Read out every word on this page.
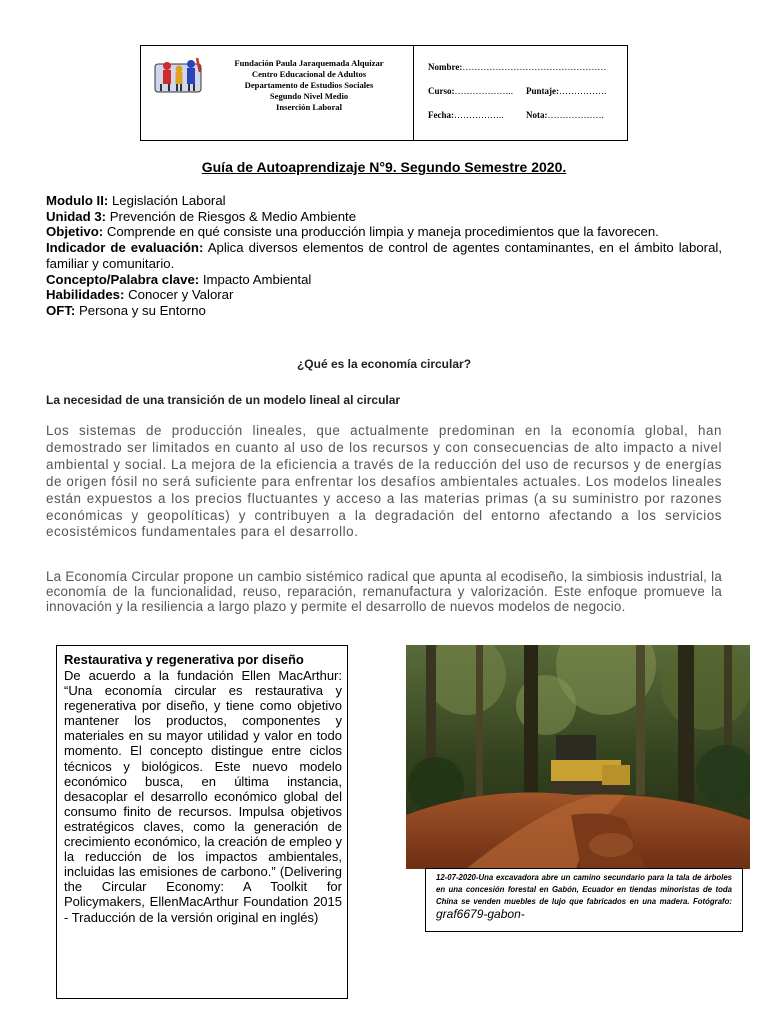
Fundación Paula Jaraquemada Alquízar
Centro Educacional de Adultos
Departamento de Estudios Sociales
Segundo Nivel Medio
Inserción Laboral
Nombre:…………………………………………
Curso:……………….. Puntaje:…………….
Fecha:……………..	Nota:……………….
Guía de Autoaprendizaje N°9. Segundo Semestre 2020.

Modulo II: Legislación Laboral

Unidad 3: Prevención de Riesgos & Medio Ambiente

Objetivo: Comprende en qué consiste una producción limpia y maneja procedimientos que la favorecen.

Indicador de evaluación: Aplica diversos elementos de control de agentes contaminantes, en el ámbito laboral, familiar y comunitario.

Concepto/Palabra clave: Impacto Ambiental

Habilidades: Conocer y Valorar

OFT: Persona y su Entorno

¿Qué es la economía circular?
La necesidad de una transición de un modelo lineal al circular
Los sistemas de producción lineales, que actualmente predominan en la economía global, han demostrado ser limitados en cuanto al uso de los recursos y con consecuencias de alto impacto a nivel ambiental y social. La mejora de la eficiencia a través de la reducción del uso de recursos y de energías de origen fósil no será suficiente para enfrentar los desafíos ambientales actuales. Los modelos lineales están expuestos a los precios fluctuantes y acceso a las materias primas (a su suministro por razones económicas y geopolíticas) y contribuyen a la degradación del entorno afectando a los servicios ecosistémicos fundamentales para el desarrollo.
La Economía Circular propone un cambio sistémico radical que apunta al ecodiseño, la simbiosis industrial, la economía de la funcionalidad, reuso, reparación, remanufactura y valorización. Este enfoque promueve la innovación y la resiliencia a largo plazo y permite el desarrollo de nuevos modelos de negocio.
Restaurativa y regenerativa por diseño
De acuerdo a la fundación Ellen MacArthur: “Una economía circular es restaurativa y regenerativa por diseño, y tiene como objetivo mantener los productos, componentes y materiales en su mayor utilidad y valor en todo momento. El concepto distingue entre ciclos técnicos y biológicos. Este nuevo modelo económico busca, en última instancia, desacoplar el desarrollo económico global del consumo finito de recursos. Impulsa objetivos estratégicos claves, como la generación de crecimiento económico, la creación de empleo y la reducción de los impactos ambientales, incluidas las emisiones de carbono.” (Delivering the Circular Economy: A Toolkit for Policymakers, EllenMacArthur Foundation 2015 - Traducción de la versión original en inglés)
12-07-2020-Una excavadora abre un camino secundario para la tala de árboles en una concesión forestal en Gabón, Ecuador en tiendas minoristas de toda China se venden muebles de lujo que fabricados en una madera. Fotógrafo: graf6679-gabon-
